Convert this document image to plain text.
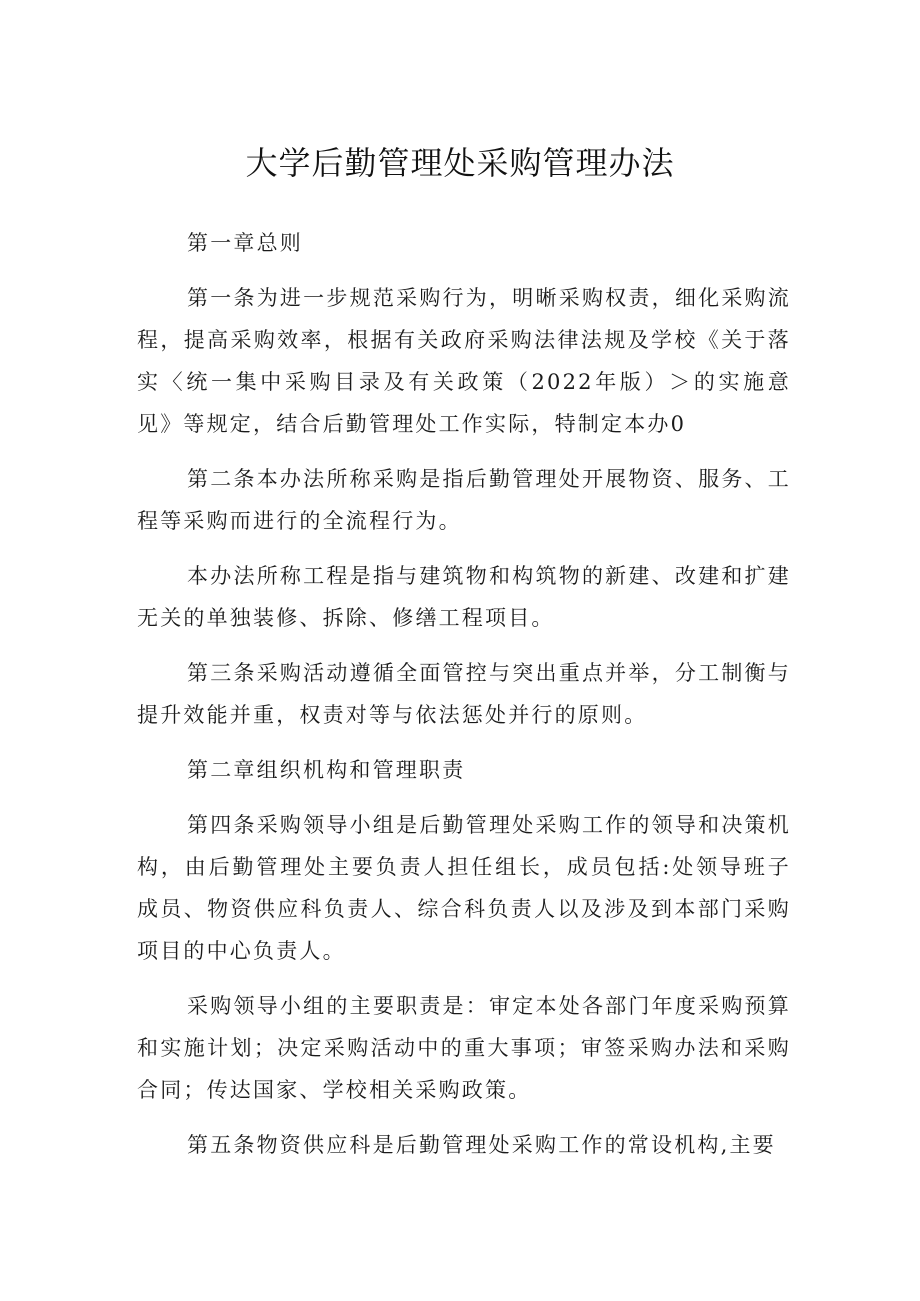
大学后勤管理处采购管理办法

第一章总则

第一条为进一步规范采购行为，明晰采购权责，细化采购流程，提高采购效率，根据有关政府采购法律法规及学校《关于落实〈统一集中采购目录及有关政策（2022年版）＞的实施意见》等规定，结合后勤管理处工作实际，特制定本办0

第二条本办法所称采购是指后勤管理处开展物资、服务、工程等采购而进行的全流程行为。

本办法所称工程是指与建筑物和构筑物的新建、改建和扩建无关的单独装修、拆除、修缮工程项目。

第三条采购活动遵循全面管控与突出重点并举，分工制衡与提升效能并重，权责对等与依法惩处并行的原则。

第二章组织机构和管理职责

第四条采购领导小组是后勤管理处采购工作的领导和决策机构，由后勤管理处主要负责人担任组长，成员包括:处领导班子成员、物资供应科负责人、综合科负责人以及涉及到本部门采购项目的中心负责人。

采购领导小组的主要职责是：审定本处各部门年度采购预算和实施计划；决定采购活动中的重大事项；审签采购办法和采购合同；传达国家、学校相关采购政策。

第五条物资供应科是后勤管理处采购工作的常设机构,主要
